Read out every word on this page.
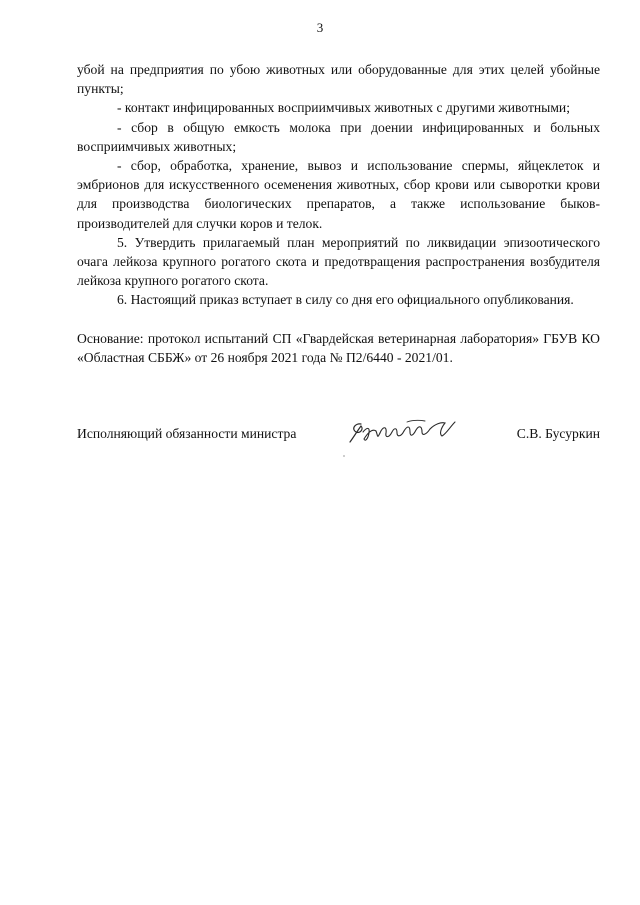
3

убой на предприятия по убою животных или оборудованные для этих целей убойные пункты;

- контакт инфицированных восприимчивых животных с другими животными;

- сбор в общую емкость молока при доении инфицированных и больных восприимчивых животных;

- сбор, обработка, хранение, вывоз и использование спермы, яйцеклеток и эмбрионов для искусственного осеменения животных, сбор крови или сыворотки крови для производства биологических препаратов, а также использование быков-производителей для случки коров и телок.

5. Утвердить прилагаемый план мероприятий по ликвидации эпизоотического очага лейкоза крупного рогатого скота и предотвращения распространения возбудителя лейкоза крупного рогатого скота.

6. Настоящий приказ вступает в силу со дня его официального опубликования.

Основание: протокол испытаний СП «Гвардейская ветеринарная лаборатория» ГБУВ КО «Областная СББЖ» от 26 ноября 2021 года № П2/6440 - 2021/01.

Исполняющий обязанности министра	С.В. Бусуркин
